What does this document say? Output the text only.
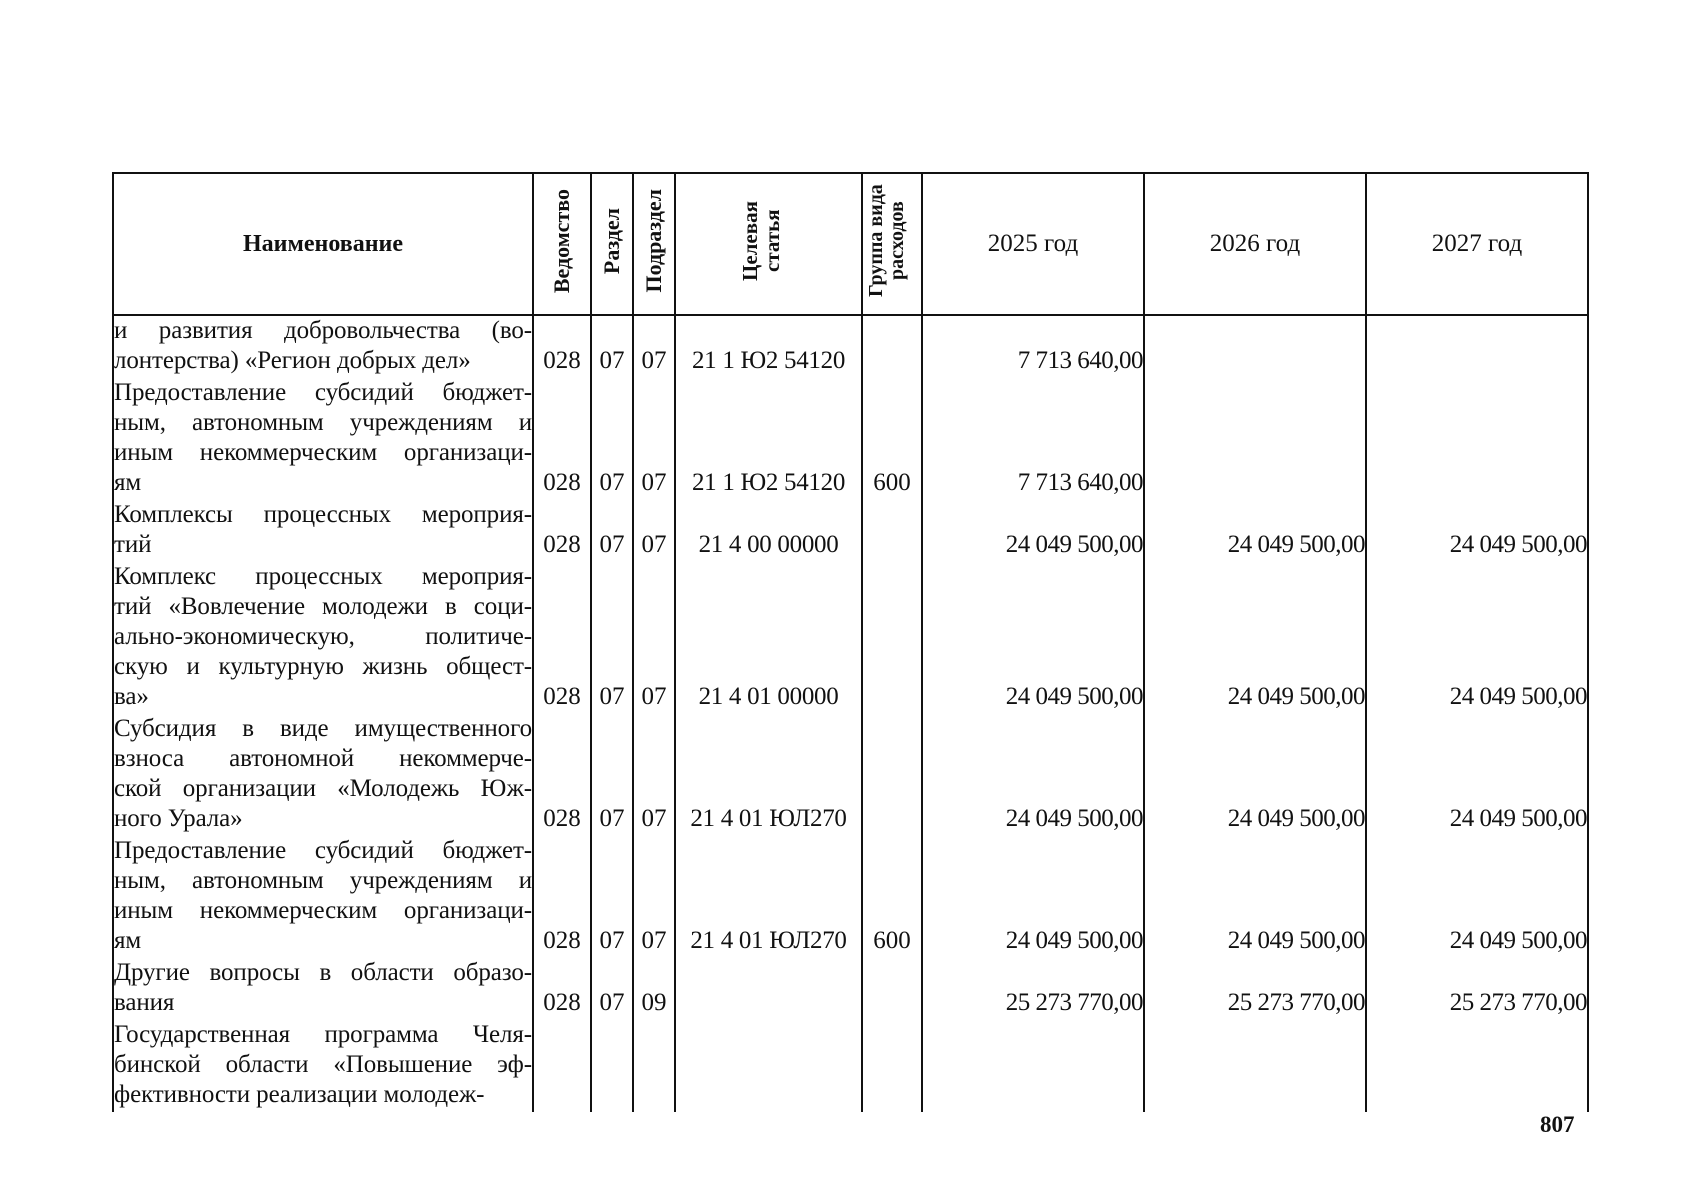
Наименование	Ведомство	Раздел	Подраздел	Целевая статья	Группа вида расходов	2025 год	2026 год	2027 год

и развития добровольчества (во-
лонтерства) «Регион добрых дел»	028	07	07	21 1 Ю2 54120		7 713 640,00		

Предоставление субсидий бюджет-
ным, автономным учреждениям и
иным некоммерческим организаци-
ям	028	07	07	21 1 Ю2 54120	600	7 713 640,00		

Комплексы процессных мероприя-
тий	028	07	07	21 4 00 00000		24 049 500,00	24 049 500,00	24 049 500,00

Комплекс процессных мероприя-
тий «Вовлечение молодежи в соци-
ально-экономическую, политиче-
скую и культурную жизнь общест-
ва»	028	07	07	21 4 01 00000		24 049 500,00	24 049 500,00	24 049 500,00

Субсидия в виде имущественного
взноса автономной некоммерче-
ской организации «Молодежь Юж-
ного Урала»	028	07	07	21 4 01 ЮЛ270		24 049 500,00	24 049 500,00	24 049 500,00

Предоставление субсидий бюджет-
ным, автономным учреждениям и
иным некоммерческим организаци-
ям	028	07	07	21 4 01 ЮЛ270	600	24 049 500,00	24 049 500,00	24 049 500,00

Другие вопросы в области образо-
вания	028	07	09			25 273 770,00	25 273 770,00	25 273 770,00

Государственная программа Челя-
бинской области «Повышение эф-
фективности реализации молодеж-								

807
